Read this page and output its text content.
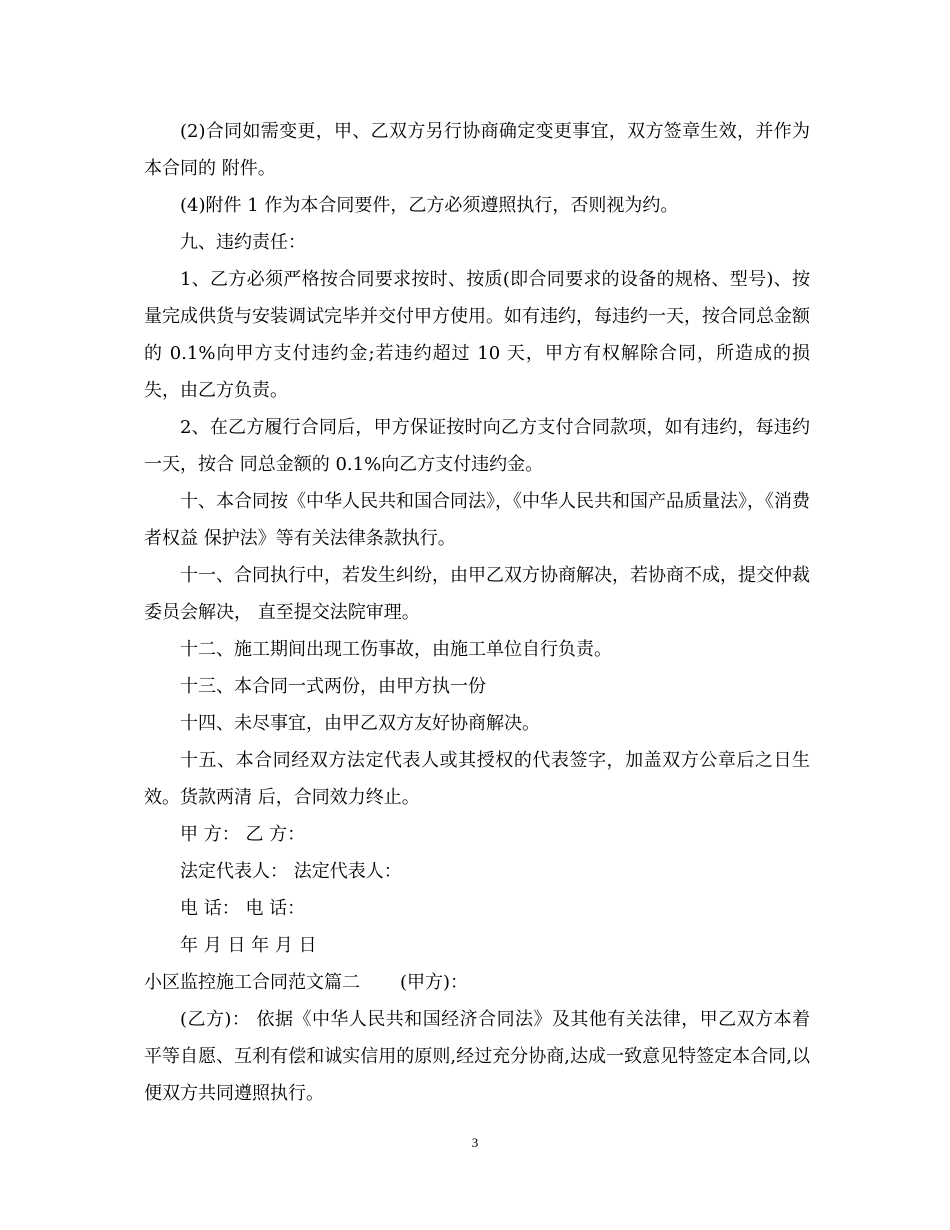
(2)合同如需变更，甲、乙双方另行协商确定变更事宜，双方签章生效，并作为本合同的 附件。

(4)附件 1 作为本合同要件，乙方必须遵照执行，否则视为约。

九、违约责任：

1、乙方必须严格按合同要求按时、按质(即合同要求的设备的规格、型号)、按量完成供货与安装调试完毕并交付甲方使用。如有违约，每违约一天，按合同总金额的 0.1%向甲方支付违约金;若违约超过 10 天，甲方有权解除合同，所造成的损失，由乙方负责。

2、在乙方履行合同后，甲方保证按时向乙方支付合同款项，如有违约，每违约一天，按合 同总金额的 0.1%向乙方支付违约金。

十、本合同按《中华人民共和国合同法》，《中华人民共和国产品质量法》，《消费者权益 保护法》等有关法律条款执行。

十一、合同执行中，若发生纠纷，由甲乙双方协商解决，若协商不成，提交仲裁委员会解决， 直至提交法院审理。

十二、施工期间出现工伤事故，由施工单位自行负责。

十三、本合同一式两份，由甲方执一份

十四、未尽事宜，由甲乙双方友好协商解决。

十五、本合同经双方法定代表人或其授权的代表签字，加盖双方公章后之日生效。货款两清 后，合同效力终止。

甲 方： 乙 方：

法定代表人： 法定代表人：

电 话： 电 话：

年 月 日 年 月 日

小区监控施工合同范文篇二 (甲方)：

(乙方)： 依据《中华人民共和国经济合同法》及其他有关法律，甲乙双方本着平等自愿、互利有偿和诚实信用的原则,经过充分协商,达成一致意见特签定本合同,以便双方共同遵照执行。

3
